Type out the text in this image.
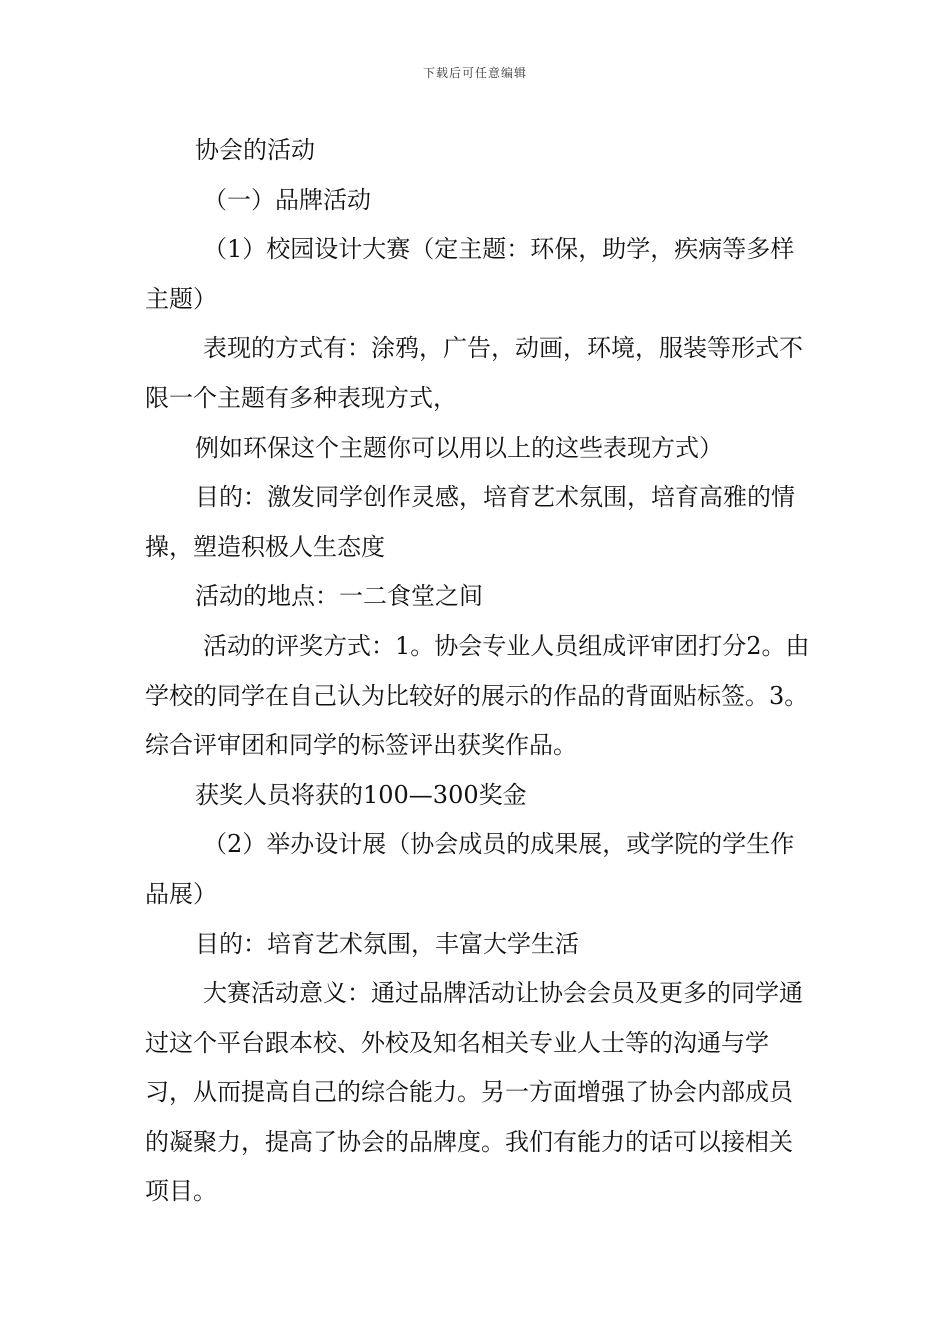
下载后可任意编辑

协会的活动

（一）品牌活动

（1）校园设计大赛（定主题：环保，助学，疾病等多样主题）

表现的方式有：涂鸦，广告，动画，环境，服装等形式不限一个主题有多种表现方式，

例如环保这个主题你可以用以上的这些表现方式）

目的：激发同学创作灵感，培育艺术氛围，培育高雅的情操，塑造积极人生态度

活动的地点：一二食堂之间

活动的评奖方式：1。协会专业人员组成评审团打分2。由学校的同学在自己认为比较好的展示的作品的背面贴标签。3。综合评审团和同学的标签评出获奖作品。

获奖人员将获的100—300奖金

（2）举办设计展（协会成员的成果展，或学院的学生作品展）

目的：培育艺术氛围，丰富大学生活

大赛活动意义：通过品牌活动让协会会员及更多的同学通过这个平台跟本校、外校及知名相关专业人士等的沟通与学习，从而提高自己的综合能力。另一方面增强了协会内部成员的凝聚力，提高了协会的品牌度。我们有能力的话可以接相关项目。
